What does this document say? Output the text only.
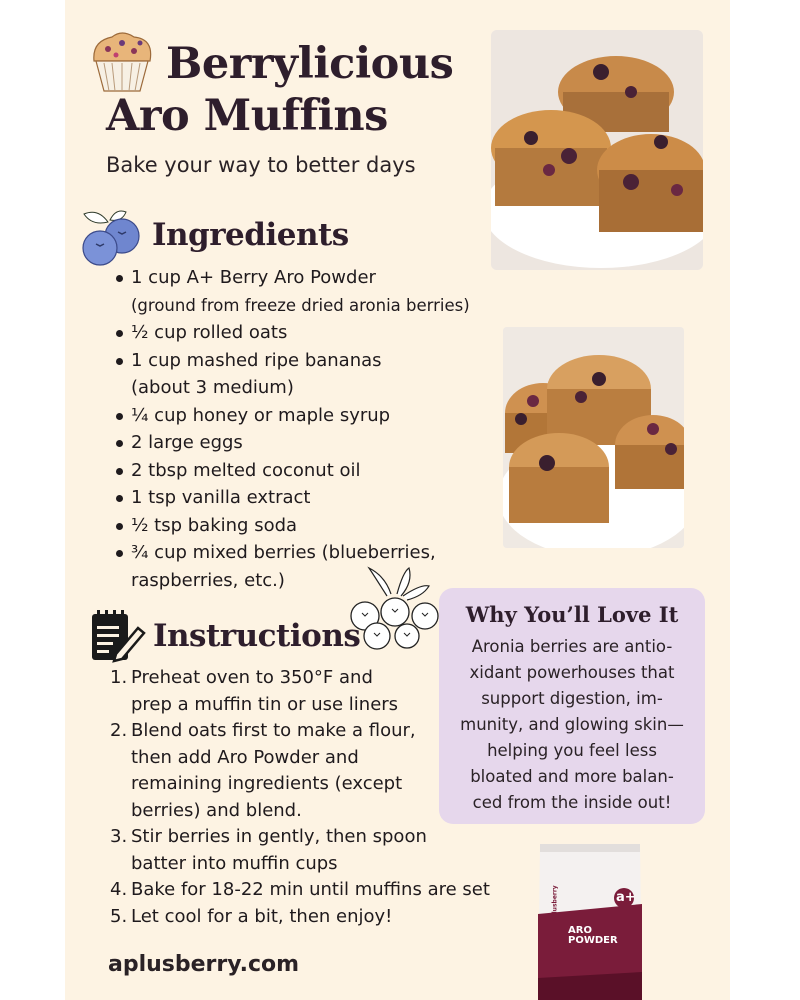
Berrylicious
Aro Muffins
Bake your way to better days
Ingredients
1 cup A+ Berry Aro Powder
(ground from freeze dried aronia berries)
½ cup rolled oats
1 cup mashed ripe bananas
(about 3 medium)
¼ cup honey or maple syrup
2 large eggs
2 tbsp melted coconut oil
1 tsp vanilla extract
½ tsp baking soda
¾ cup mixed berries (blueberries,
raspberries, etc.)
Instructions
1. Preheat oven to 350°F and
prep a muffin tin or use liners
2. Blend oats first to make a flour,
then add Aro Powder and
remaining ingredients (except
berries) and blend.
3. Stir berries in gently, then spoon
batter into muffin cups
4. Bake for 18-22 min until muffins are set
5. Let cool for a bit, then enjoy!
Why You’ll Love It
Aronia berries are antio-
xidant powerhouses that
support digestion, im-
munity, and glowing skin—
helping you feel less
bloated and more balan-
ced from the inside out!
aplusberry.com
aplusberry	a+
ARO
POWDER
